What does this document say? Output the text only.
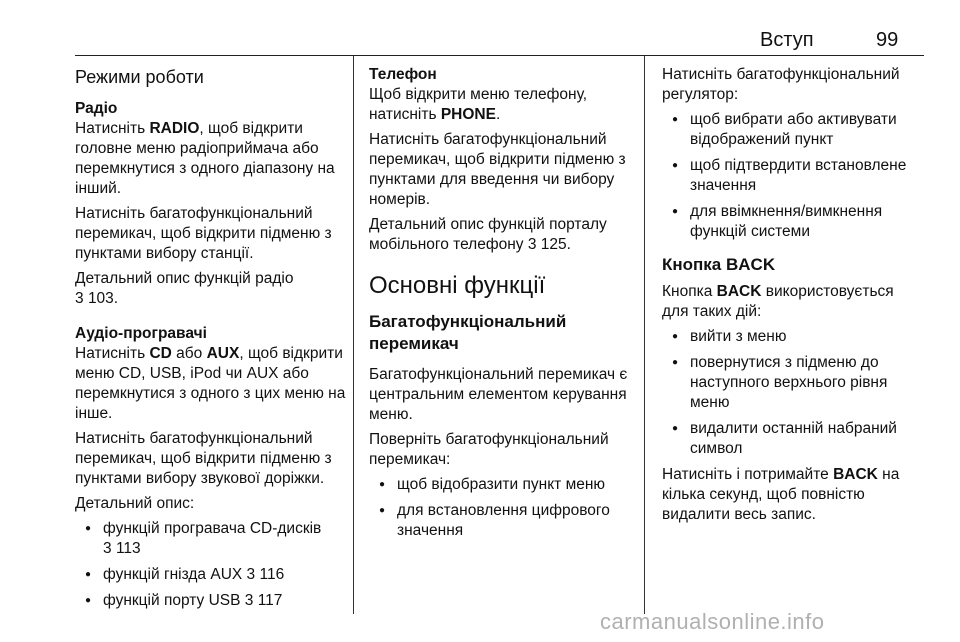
Вступ	99
Режими роботи
Радіо

Натисніть RADIO, щоб відкрити головне меню радіоприймача або перемкнутися з одного діапазону на інший.

Натисніть багатофункціональний перемикач, щоб відкрити підменю з пунктами вибору станції.

Детальний опис функцій радіо
3 103.

Аудіо-програвачі

Натисніть CD або AUX, щоб відкрити меню CD, USB, iPod чи AUX або перемкнутися з одного з цих меню на інше.

Натисніть багатофункціональний перемикач, щоб відкрити підменю з пунктами вибору звукової доріжки.

Детальний опис:

● функцій програвача CD-дисків
3 113
● функцій гнізда AUX 3 116
● функцій порту USB 3 117
Телефон

Щоб відкрити меню телефону, натисніть PHONE.

Натисніть багатофункціональний перемикач, щоб відкрити підменю з пунктами для введення чи вибору номерів.

Детальний опис функцій порталу мобільного телефону 3 125.

Основні функції
Багатофункціональний перемикач

Багатофункціональний перемикач є центральним елементом керування меню.

Поверніть багатофункціональний перемикач:

● щоб відобразити пункт меню
● для встановлення цифрового значення

Натисніть багатофункціональний регулятор:

● щоб вибрати або активувати відображений пункт
● щоб підтвердити встановлене значення
● для ввімкнення/вимкнення функцій системи
Кнопка BACK

Кнопка BACK використовується для таких дій:

● вийти з меню
● повернутися з підменю до наступного верхнього рівня меню
● видалити останній набраний символ

Натисніть і потримайте BACK на кілька секунд, щоб повністю видалити весь запис.

carmanualsonline.info
